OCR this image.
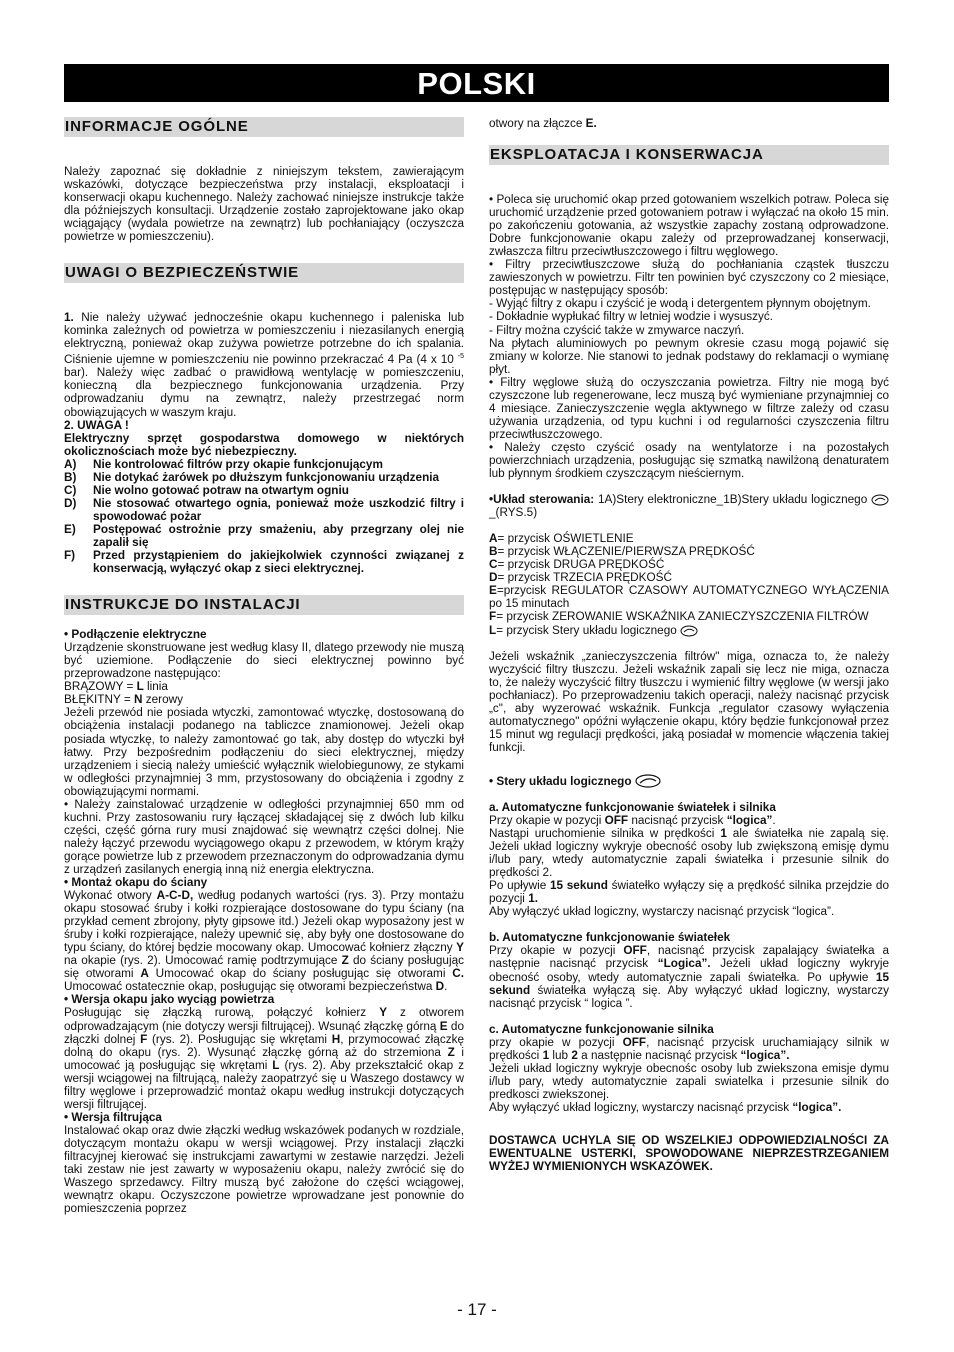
POLSKI
INFORMACJE OGÓLNE

Należy zapoznać się dokładnie z niniejszym tekstem, zawierającym wskazówki, dotyczące bezpieczeństwa przy instalacji, eksploatacji i konserwacji okapu kuchennego. Należy zachować niniejsze instrukcje także dla późniejszych konsultacji. Urządzenie zostało zaprojektowane jako okap wciągający (wydala powietrze na zewnątrz) lub pochłaniający (oczyszcza powietrze w pomieszczeniu).

UWAGI O BEZPIECZEŃSTWIE

1. Nie należy używać jednocześnie okapu kuchennego i paleniska lub kominka zależnych od powietrza w pomieszczeniu i niezasilanych energią elektryczną, ponieważ okap zużywa powietrze potrzebne do ich spalania. Ciśnienie ujemne w pomieszczeniu nie powinno przekraczać 4 Pa (4 x 10 $^{-5}$ bar). Należy więc zadbać o prawidłową wentylację w pomieszczeniu, konieczną dla bezpiecznego funkcjonowania urządzenia. Przy odprowadzaniu dymu na zewnątrz, należy przestrzegać norm obowiązujących w waszym kraju.

2. UWAGA !

Elektryczny sprzęt gospodarstwa domowego w niektórych okolicznościach może być niebezpieczny.

A)	Nie kontrolować filtrów przy okapie funkcjonującym
B)	Nie dotykać żarówek po dłuższym funkcjonowaniu urządzenia
C)	Nie wolno gotować potraw na otwartym ogniu
D)	Nie stosować otwartego ognia, ponieważ może uszkodzić filtry i spowodować pożar
E)	Postępować ostrożnie przy smażeniu, aby przegrzany olej nie zapalił się
F)	Przed przystąpieniem do jakiejkolwiek czynności związanej z konserwacją, wyłączyć okap z sieci elektrycznej.
INSTRUKCJE DO INSTALACJI

• Podłączenie elektryczne

Urządzenie skonstruowane jest według klasy II, dlatego przewody nie muszą być uziemione. Podłączenie do sieci elektrycznej powinno być przeprowadzone następująco:

BRĄZOWY = L linia

BŁĘKITNY = N zerowy

Jeżeli przewód nie posiada wtyczki, zamontować wtyczkę, dostosowaną do obciążenia instalacji podanego na tabliczce znamionowej. Jeżeli okap posiada wtyczkę, to należy zamontować go tak, aby dostęp do wtyczki był łatwy. Przy bezpośrednim podłączeniu do sieci elektrycznej, między urządzeniem i siecią należy umieścić wyłącznik wielobiegunowy, ze stykami w odległości przynajmniej 3 mm, przystosowany do obciążenia i zgodny z obowiązującymi normami.

• Należy zainstalować urządzenie w odległości przynajmniej 650 mm od kuchni. Przy zastosowaniu rury łączącej składającej się z dwóch lub kilku części, część górna rury musi znajdować się wewnątrz części dolnej. Nie należy łączyć przewodu wyciągowego okapu z przewodem, w którym krąży gorące powietrze lub z przewodem przeznaczonym do odprowadzania dymu z urządzeń zasilanych energią inną niż energia elektryczna.

• Montaż okapu do ściany

Wykonać otwory A-C-D, według podanych wartości (rys. 3). Przy montażu okapu stosować śruby i kołki rozpierające dostosowane do typu ściany (na przykład cement zbrojony, płyty gipsowe itd.) Jeżeli okap wyposażony jest w śruby i kołki rozpierające, należy upewnić się, aby były one dostosowane do typu ściany, do której będzie mocowany okap. Umocować kołnierz złączny Y na okapie (rys. 2). Umocować ramię podtrzymujące Z do ściany posługując się otworami A Umocować okap do ściany posługując się otworami C. Umocować ostatecznie okap, posługując się otworami bezpieczeństwa D.

• Wersja okapu jako wyciąg powietrza

Posługując się złączką rurową, połączyć kołnierz Y z otworem odprowadzającym (nie dotyczy wersji filtrującej). Wsunąć złączkę górną E do złączki dolnej F (rys. 2). Posługując się wkrętami H, przymocować złączkę dolną do okapu (rys. 2). Wysunąć złączkę górną aż do strzemiona Z i umocować ją posługując się wkrętami L (rys. 2). Aby przekształcić okap z wersji wciągowej na filtrującą, należy zaopatrzyć się u Waszego dostawcy w filtry węglowe i przeprowadzić montaż okapu według instrukcji dotyczących wersji filtrującej.

• Wersja filtrująca

Instalować okap oraz dwie złączki według wskazówek podanych w rozdziale, dotyczącym montażu okapu w wersji wciągowej. Przy instalacji złączki filtracyjnej kierować się instrukcjami zawartymi w zestawie narzędzi. Jeżeli taki zestaw nie jest zawarty w wyposażeniu okapu, należy zwrócić się do Waszego sprzedawcy. Filtry muszą być założone do części wciągowej, wewnątrz okapu. Oczyszczone powietrze wprowadzane jest ponownie do pomieszczenia poprzez

otwory na złączce E.

EKSPLOATACJA I KONSERWACJA

• Poleca się uruchomić okap przed gotowaniem wszelkich potraw. Poleca się uruchomić urządzenie przed gotowaniem potraw i wyłączać na około 15 min. po zakończeniu gotowania, aż wszystkie zapachy zostaną odprowadzone. Dobre funkcjonowanie okapu zależy od przeprowadzanej konserwacji, zwłaszcza filtru przeciwtłuszczowego i filtru węglowego.

• Filtry przeciwtłuszczowe służą do pochłaniania cząstek tłuszczu zawieszonych w powietrzu. Filtr ten powinien być czyszczony co 2 miesiące, postępując w następujący sposób:

- Wyjąć filtry z okapu i czyścić je wodą i detergentem płynnym obojętnym.

- Dokładnie wypłukać filtry w letniej wodzie i wysuszyć.

- Filtry można czyścić także w zmywarce naczyń.

Na płytach aluminiowych po pewnym okresie czasu mogą pojawić się zmiany w kolorze. Nie stanowi to jednak podstawy do reklamacji o wymianę płyt.

• Filtry węglowe służą do oczyszczania powietrza. Filtry nie mogą być czyszczone lub regenerowane, lecz muszą być wymieniane przynajmniej co 4 miesiące. Zanieczyszczenie węgla aktywnego w filtrze zależy od czasu używania urządzenia, od typu kuchni i od regularności czyszczenia filtru przeciwtłuszczowego.

• Należy często czyścić osady na wentylatorze i na pozostałych powierzchniach urządzenia, posługując się szmatką nawilżoną denaturatem lub płynnym środkiem czyszczącym nieściernym.

•Układ sterowania: 1A)Stery elektroniczne_1B)Stery układu logicznego _(RYS.5)

A= przycisk OŚWIETLENIE

B= przycisk WŁĄCZENIE/PIERWSZA PRĘDKOŚĆ

C= przycisk DRUGA PRĘDKOŚĆ

D= przycisk TRZECIA PRĘDKOŚĆ

E=przycisk REGULATOR CZASOWY AUTOMATYCZNEGO WYŁĄCZENIA po 15 minutach

F= przycisk ZEROWANIE WSKAŹNIKA ZANIECZYSZCZENIA FILTRÓW

L= przycisk Stery układu logicznego

Jeżeli wskaźnik „zanieczyszczenia filtrów" miga, oznacza to, że należy wyczyścić filtry tłuszczu. Jeżeli wskaźnik zapali się lecz nie miga, oznacza to, że należy wyczyścić filtry tłuszczu i wymienić filtry węglowe (w wersji jako pochłaniacz). Po przeprowadzeniu takich operacji, należy nacisnąć przycisk „c", aby wyzerować wskaźnik. Funkcja „regulator czasowy wyłączenia automatycznego" opóźni wyłączenie okapu, który będzie funkcjonował przez 15 minut wg regulacji prędkości, jaką posiadał w momencie włączenia takiej funkcji.

• Stery układu logicznego

a. Automatyczne funkcjonowanie światełek i silnika

Przy okapie w pozycji OFF nacisnąć przycisk “logica”.

Nastąpi uruchomienie silnika w prędkości 1 ale światełka nie zapalą się. Jeżeli układ logiczny wykryje obecność osoby lub zwiększoną emisję dymu i/lub pary, wtedy automatycznie zapali światełka i przesunie silnik do prędkości 2.

Po upływie 15 sekund światełko wyłączy się a prędkość silnika przejdzie do pozycji 1.

Aby wyłączyć układ logiczny, wystarczy nacisnąć przycisk “logica”.

b. Automatyczne funkcjonowanie światełek

Przy okapie w pozycji OFF, nacisnąć przycisk zapalający światełka a następnie nacisnąć przycisk “Logica”. Jeżeli układ logiczny wykryje obecność osoby, wtedy automatycznie zapali światełka. Po upływie 15 sekund światełka wyłączą się. Aby wyłączyć układ logiczny, wystarczy nacisnąć przycisk “ logica ”.

c. Automatyczne funkcjonowanie silnika

przy okapie w pozycji OFF, nacisnąć przycisk uruchamiający silnik w prędkości 1 lub 2 a następnie nacisnąć przycisk “logica”.

Jeżeli układ logiczny wykryje obecnośc osoby lub zwiekszona emisje dymu i/lub pary, wtedy automatycznie zapali swiatelka i przesunie silnik do predkosci zwiekszonej.

Aby wyłączyć układ logiczny, wystarczy nacisnąć przycisk “logica”.

DOSTAWCA UCHYLA SIĘ OD WSZELKIEJ ODPOWIEDZIALNOŚCI ZA EWENTUALNE USTERKI, SPOWODOWANE NIEPRZESTRZEGANIEM WYŻEJ WYMIENIONYCH WSKAZÓWEK.

- 17 -
